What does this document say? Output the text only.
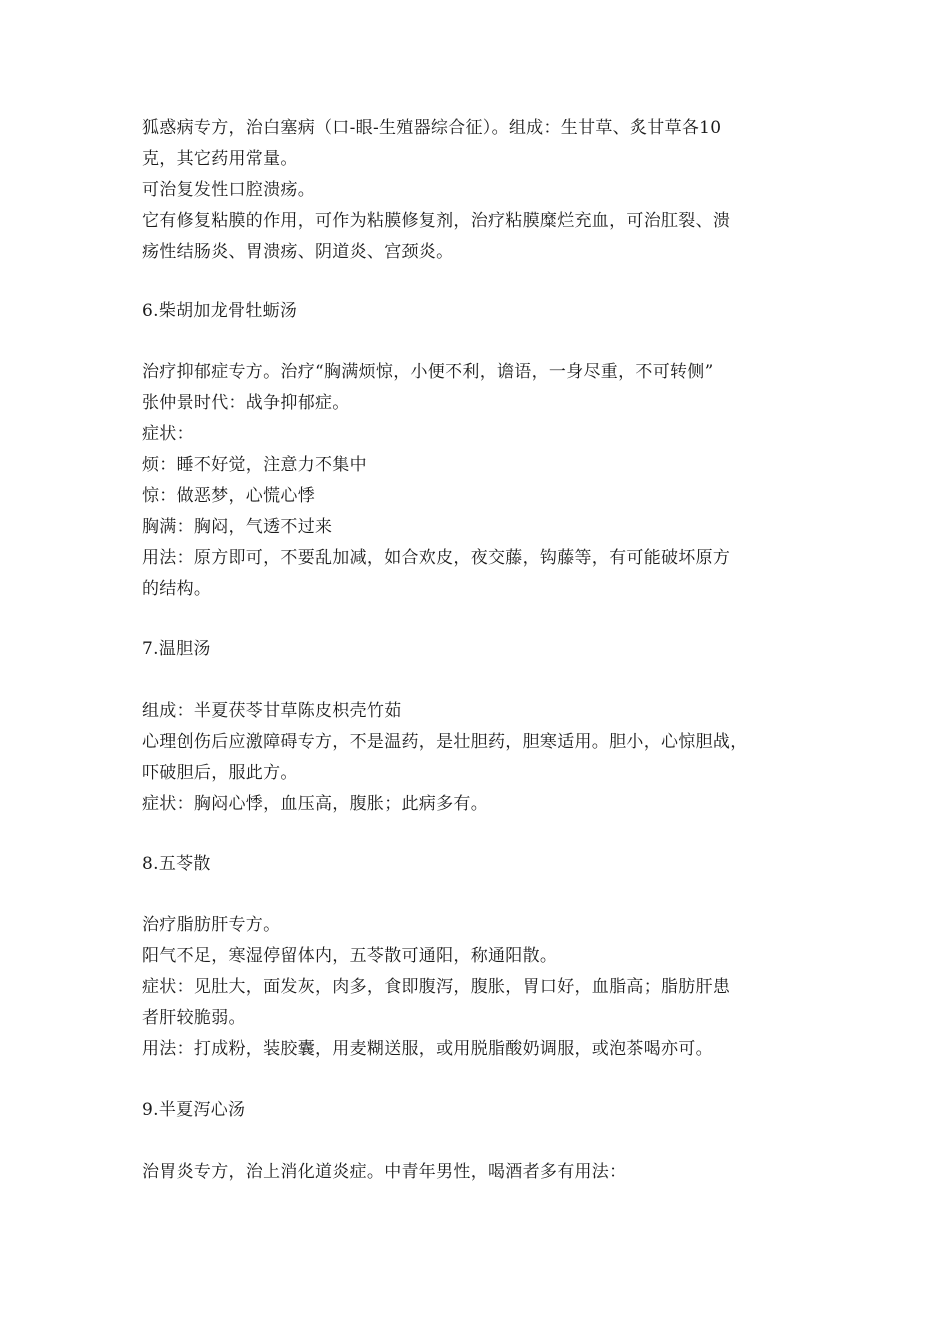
狐惑病专方，治白塞病（口-眼-生殖器综合征）。组成：生甘草、炙甘草各10
克，其它药用常量。
可治复发性口腔溃疡。
它有修复粘膜的作用，可作为粘膜修复剂，治疗粘膜糜烂充血，可治肛裂、溃
疡性结肠炎、胃溃疡、阴道炎、宫颈炎。
6.柴胡加龙骨牡蛎汤
治疗抑郁症专方。治疗“胸满烦惊，小便不利，谵语，一身尽重，不可转侧”
张仲景时代：战争抑郁症。
症状：
烦：睡不好觉，注意力不集中
惊：做恶梦，心慌心悸
胸满：胸闷，气透不过来
用法：原方即可，不要乱加减，如合欢皮，夜交藤，钩藤等，有可能破坏原方
的结构。
7.温胆汤
组成：半夏茯苓甘草陈皮枳壳竹茹
心理创伤后应激障碍专方，不是温药，是壮胆药，胆寒适用。胆小，心惊胆战，
吓破胆后，服此方。
症状：胸闷心悸，血压高，腹胀；此病多有。
8.五苓散
治疗脂肪肝专方。
阳气不足，寒湿停留体内，五苓散可通阳，称通阳散。
症状：见肚大，面发灰，肉多，食即腹泻，腹胀，胃口好，血脂高；脂肪肝患
者肝较脆弱。
用法：打成粉，装胶囊，用麦糊送服，或用脱脂酸奶调服，或泡茶喝亦可。
9.半夏泻心汤
治胃炎专方，治上消化道炎症。中青年男性，喝酒者多有用法：
